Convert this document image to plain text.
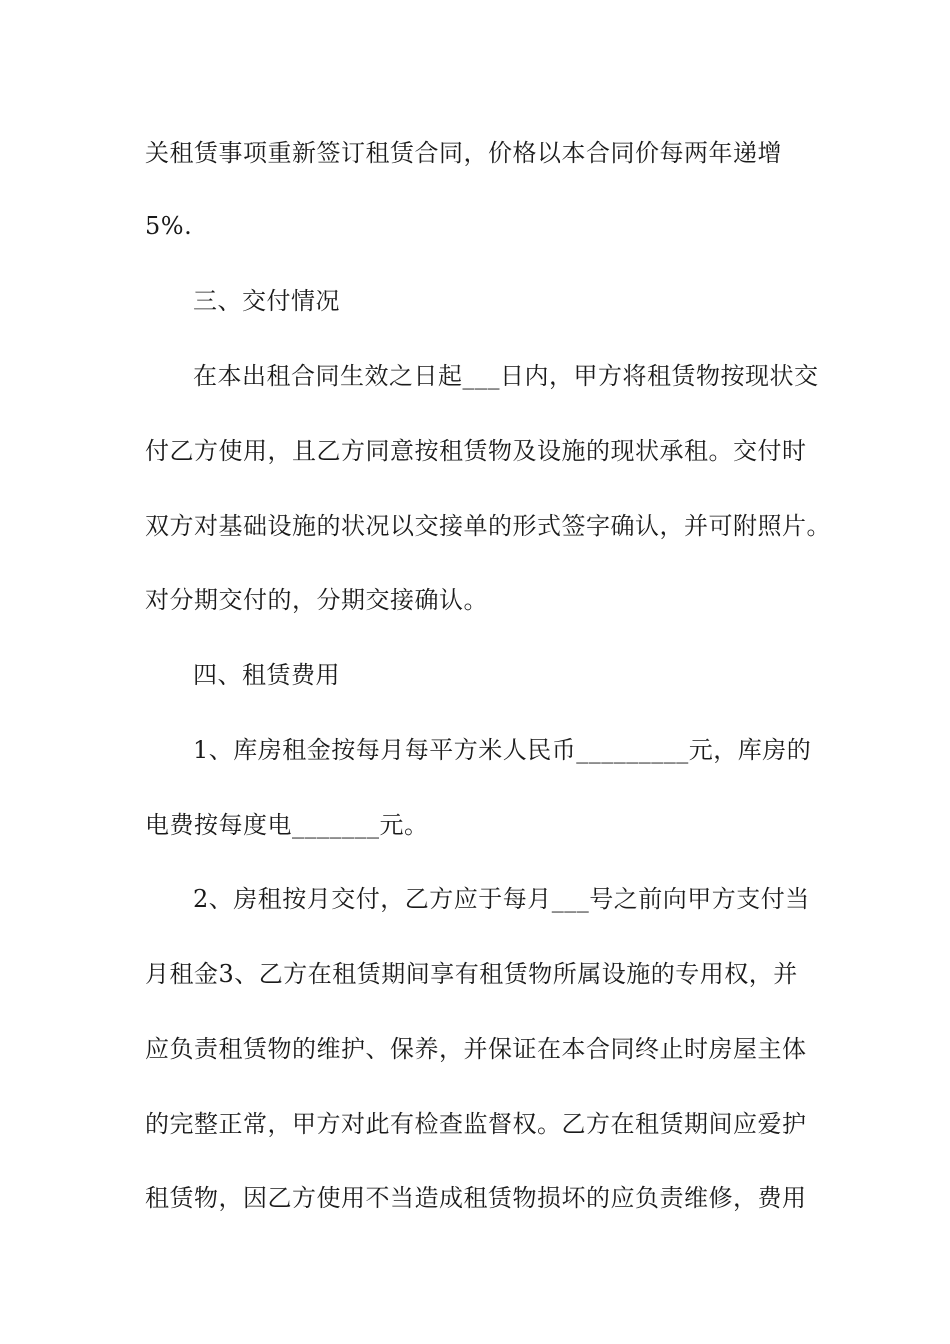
关租赁事项重新签订租赁合同，价格以本合同价每两年递增

5%.

三、交付情况

在本出租合同生效之日起___日内，甲方将租赁物按现状交

付乙方使用，且乙方同意按租赁物及设施的现状承租。交付时

双方对基础设施的状况以交接单的形式签字确认，并可附照片。

对分期交付的，分期交接确认。

四、租赁费用

1、库房租金按每月每平方米人民币_________元，库房的

电费按每度电_______元。

2、房租按月交付，乙方应于每月___号之前向甲方支付当

月租金3、乙方在租赁期间享有租赁物所属设施的专用权，并

应负责租赁物的维护、保养，并保证在本合同终止时房屋主体

的完整正常，甲方对此有检查监督权。乙方在租赁期间应爱护

租赁物，因乙方使用不当造成租赁物损坏的应负责维修，费用
